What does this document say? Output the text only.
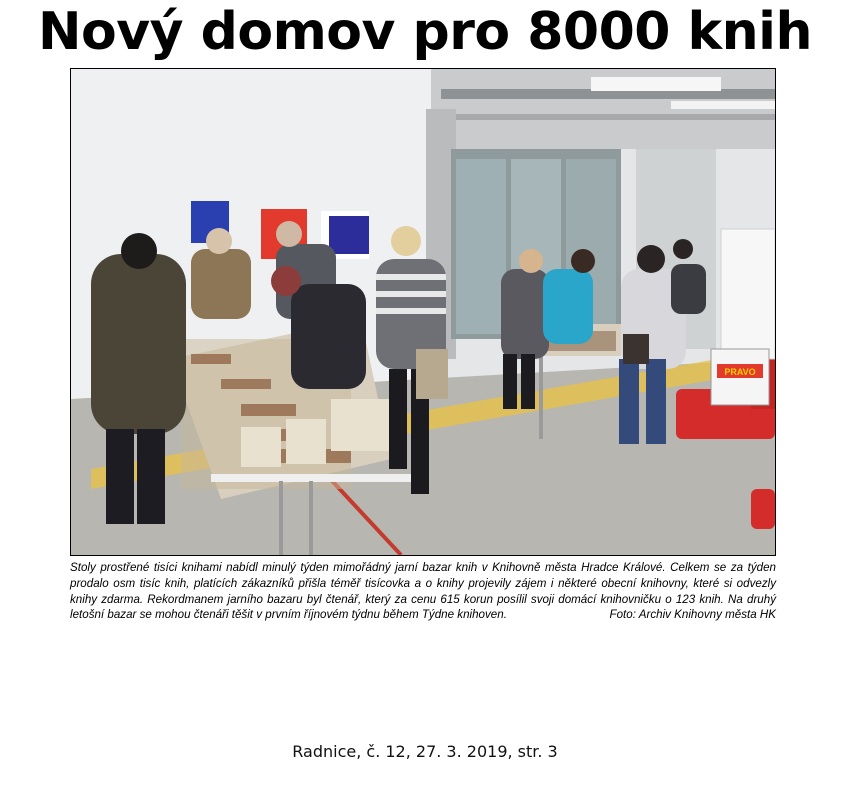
Nový domov pro 8000 knih
PRAVO
Stoly prostřené tisíci knihami nabídl minulý týden mimořádný jarní bazar knih v Knihovně města Hradce Králové. Celkem se za týden prodalo osm tisíc knih, platících zákazníků přišla téměř tisícovka a o knihy projevily zájem i některé obecní knihovny, které si odvezly knihy zdarma. Rekordmanem jarního bazaru byl čtenář, který za cenu 615 korun posílil svoji domácí knihovničku o 123 knih. Na druhý letošní bazar se mohou čtenáři těšit v prvním říjnovém týdnu během Týdne knihoven.	Foto: Archiv Knihovny města HK
Radnice, č. 12, 27. 3. 2019, str. 3
